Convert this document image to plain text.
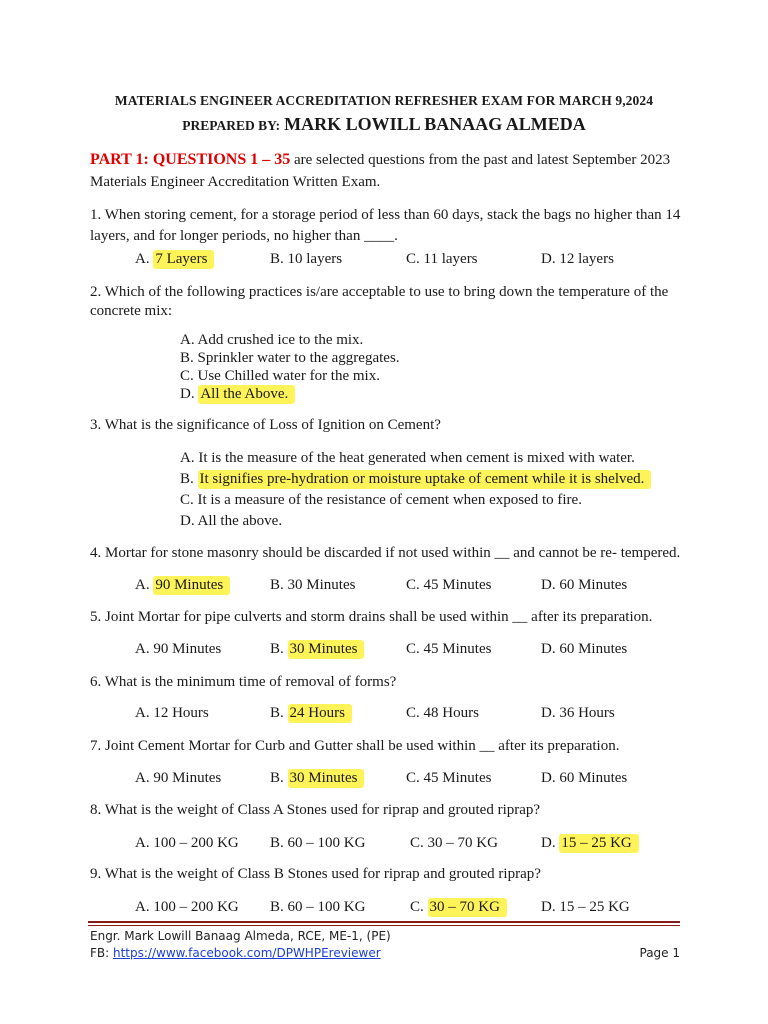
MATERIALS ENGINEER ACCREDITATION REFRESHER EXAM FOR MARCH 9,2024
PREPARED BY: MARK LOWILL BANAAG ALMEDA
PART 1: QUESTIONS 1 – 35 are selected questions from the past and latest September 2023 Materials Engineer Accreditation Written Exam.
1. When storing cement, for a storage period of less than 60 days, stack the bags no higher than 14 layers, and for longer periods, no higher than ____.
A. 7 Layers	B. 10 layers	C. 11 layers	D. 12 layers
2. Which of the following practices is/are acceptable to use to bring down the temperature of the concrete mix:
A. Add crushed ice to the mix.
B. Sprinkler water to the aggregates.
C. Use Chilled water for the mix.
D. All the Above.
3. What is the significance of Loss of Ignition on Cement?
A. It is the measure of the heat generated when cement is mixed with water.
B. It signifies pre-hydration or moisture uptake of cement while it is shelved.
C. It is a measure of the resistance of cement when exposed to fire.
D. All the above.
4. Mortar for stone masonry should be discarded if not used within __ and cannot be re- tempered.
A. 90 Minutes	B. 30 Minutes	C. 45 Minutes	D. 60 Minutes
5. Joint Mortar for pipe culverts and storm drains shall be used within __ after its preparation.
A. 90 Minutes	B. 30 Minutes	C. 45 Minutes	D. 60 Minutes
6. What is the minimum time of removal of forms?
A. 12 Hours	B. 24 Hours	C. 48 Hours	D. 36 Hours
7. Joint Cement Mortar for Curb and Gutter shall be used within __ after its preparation.
A. 90 Minutes	B. 30 Minutes	C. 45 Minutes	D. 60 Minutes
8. What is the weight of Class A Stones used for riprap and grouted riprap?
A. 100 – 200 KG B. 60 – 100 KG	C. 30 – 70 KG	D. 15 – 25 KG
9. What is the weight of Class B Stones used for riprap and grouted riprap?
A. 100 – 200 KG B. 60 – 100 KG	C. 30 – 70 KG	D. 15 – 25 KG
Engr. Mark Lowill Banaag Almeda, RCE, ME-1, (PE)
FB: https://www.facebook.com/DPWHPEreviewer	Page 1
